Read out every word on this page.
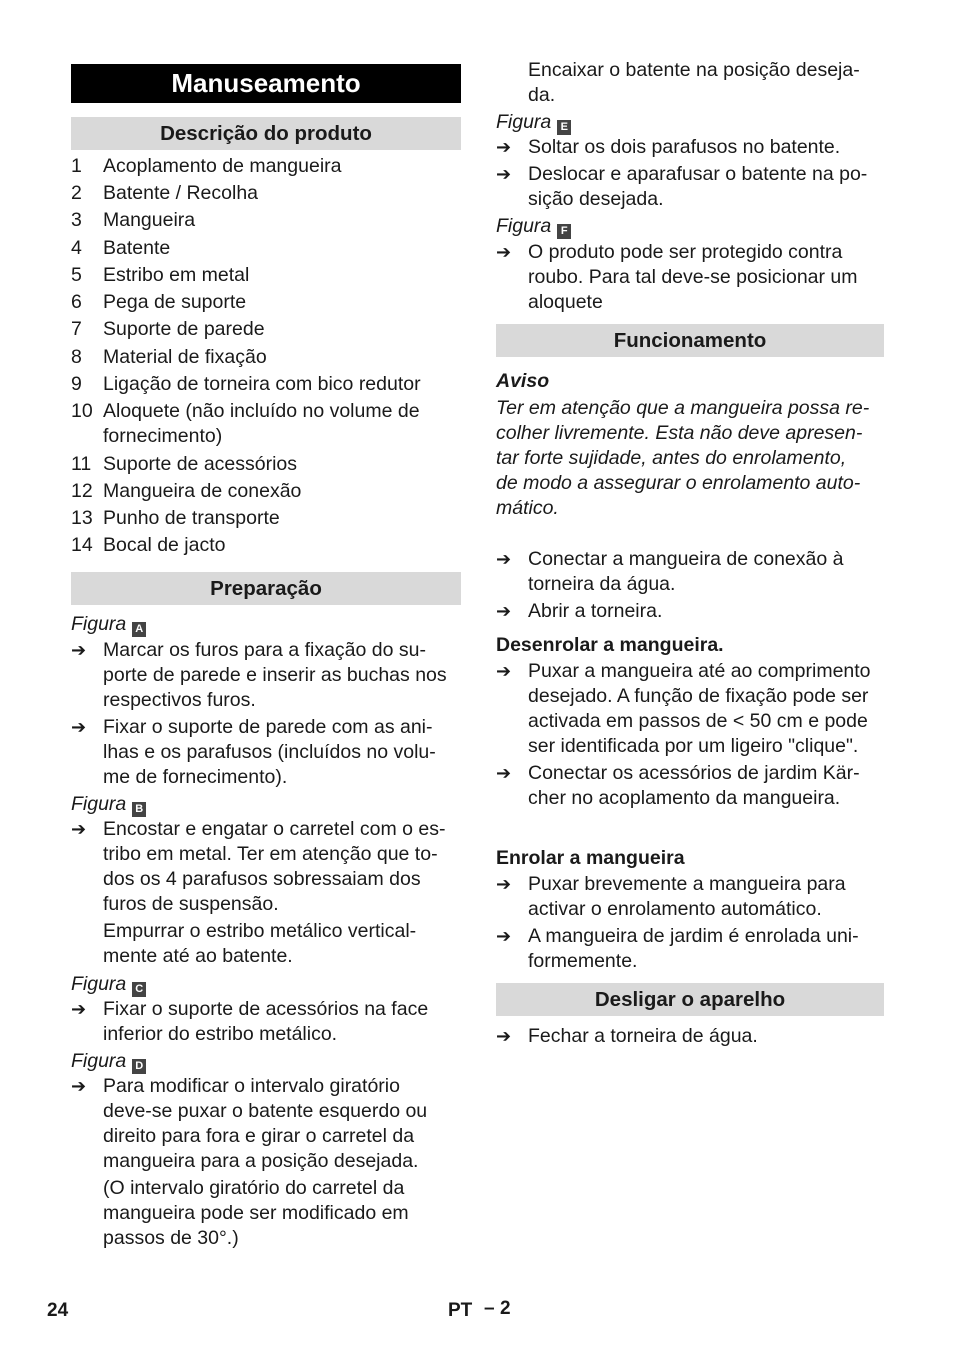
Manuseamento
Descrição do produto
1	Acoplamento de mangueira
2	Batente / Recolha
3	Mangueira
4	Batente
5	Estribo em metal
6	Pega de suporte
7	Suporte de parede
8	Material de fixação
9	Ligação de torneira com bico redutor
10 Aloquete (não incluído no volume de
fornecimento)
11 Suporte de acessórios
12 Mangueira de conexão
13 Punho de transporte
14 Bocal de jacto
Preparação
Figura A
➔ Marcar os furos para a fixação do su-
porte de parede e inserir as buchas nos
respectivos furos.
➔ Fixar o suporte de parede com as ani-
lhas e os parafusos (incluídos no volu-
me de fornecimento).
Figura B
➔ Encostar e engatar o carretel com o es-
tribo em metal. Ter em atenção que to-
dos os 4 parafusos sobressaiam dos
furos de suspensão.
Empurrar o estribo metálico vertical-
mente até ao batente.
Figura C
➔ Fixar o suporte de acessórios na face
inferior do estribo metálico.
Figura D
➔ Para modificar o intervalo giratório
deve-se puxar o batente esquerdo ou
direito para fora e girar o carretel da
mangueira para a posição desejada.
(O intervalo giratório do carretel da
mangueira pode ser modificado em
passos de 30°.)
Encaixar o batente na posição deseja-
da.
Figura E
➔ Soltar os dois parafusos no batente.
➔ Deslocar e aparafusar o batente na po-
sição desejada.
Figura F
➔ O produto pode ser protegido contra
roubo. Para tal deve-se posicionar um
aloquete
Aviso
Ter em atenção que a mangueira possa re-
colher livremente. Esta não deve apresen-
tar forte sujidade, antes do enrolamento,
de modo a assegurar o enrolamento auto-
mático.
➔ Conectar a mangueira de conexão à
torneira da água.
➔ Abrir a torneira.
Desenrolar a mangueira.
➔ Puxar a mangueira até ao comprimento
desejado. A função de fixação pode ser
activada em passos de < 50 cm e pode
ser identificada por um ligeiro "clique".
➔ Conectar os acessórios de jardim Kär-
cher no acoplamento da mangueira.
Enrolar a mangueira
➔ Puxar brevemente a mangueira para
activar o enrolamento automático.
➔ A mangueira de jardim é enrolada uni-
formemente.
➔ Fechar a torneira de água.
Funcionamento
Desligar o aparelho
24	PT – 2
